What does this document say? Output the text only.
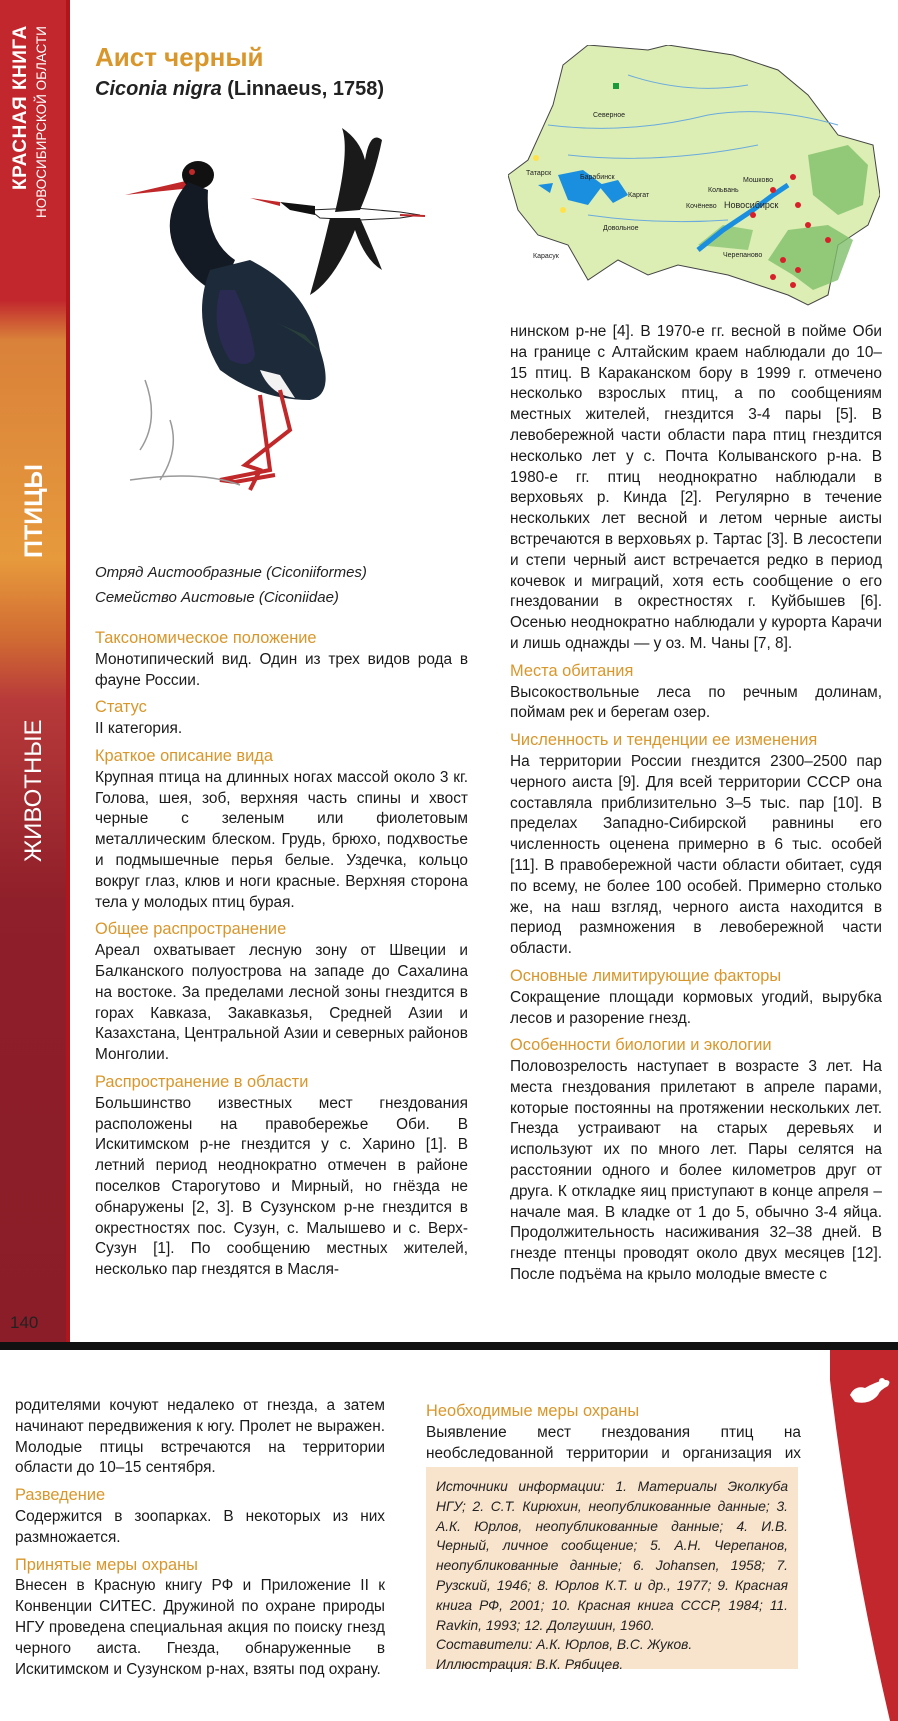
КРАСНАЯ КНИГА НОВОСИБИРСКОЙ ОБЛАСТИ
ПТИЦЫ
ЖИВОТНЫЕ
140
Аист черный
Ciconia nigra (Linnaeus, 1758)
Северное
Татарск
Барабинск
Каргат
Кольвань
Мошково
Кочёнево Новосибирск
Довольное
Карасук	Черепаново
Отряд Аистообразные (Ciconiiformes)
Семейство Аистовые (Ciconiidae)
Таксономическое положение

Монотипический вид. Один из трех видов рода в фауне России.

Статус

II категория.

Краткое описание вида

Крупная птица на длинных ногах массой около 3 кг. Голова, шея, зоб, верхняя часть спины и хвост черные с зеленым или фиолетовым металлическим блеском. Грудь, брюхо, подхвостье и подмышечные перья белые. Уздечка, кольцо вокруг глаз, клюв и ноги красные. Верхняя сторона тела у молодых птиц бурая.

Общее распространение

Ареал охватывает лесную зону от Швеции и Балканского полуострова на западе до Сахалина на востоке. За пределами лесной зоны гнездится в горах Кавказа, Закавказья, Средней Азии и Казахстана, Центральной Азии и северных районов Монголии.

Распространение в области

Большинство известных мест гнездования расположены на правобережье Оби. В Искитимском р-не гнездится у с. Харино [1]. В летний период неоднократно отмечен в районе поселков Старогутово и Мирный, но гнёзда не обнаружены [2, 3]. В Сузунском р-не гнездится в окрестностях пос. Сузун, с. Малышево и с. Верх-Сузун [1]. По сообщению местных жителей, несколько пар гнездятся в Масля-

нинском р-не [4]. В 1970-е гг. весной в пойме Оби на границе с Алтайским краем наблюдали до 10–15 птиц. В Караканском бору в 1999 г. отмечено несколько взрослых птиц, а по сообщениям местных жителей, гнездится 3-4 пары [5]. В левобережной части области пара птиц гнездится несколько лет у с. Почта Колыванского р-на. В 1980-е гг. птиц неоднократно наблюдали в верховьях р. Кинда [2]. Регулярно в течение нескольких лет весной и летом черные аисты встречаются в верховьях р. Тартас [3]. В лесостепи и степи черный аист встречается редко в период кочевок и миграций, хотя есть сообщение о его гнездовании в окрестностях г. Куйбышев [6]. Осенью неоднократно наблюдали у курорта Карачи и лишь однажды — у оз. М. Чаны [7, 8].

Места обитания

Высокоствольные леса по речным долинам, поймам рек и берегам озер.

Численность и тенденции ее изменения

На территории России гнездится 2300–2500 пар черного аиста [9]. Для всей территории СССР она составляла приблизительно 3–5 тыс. пар [10]. В пределах Западно-Сибирской равнины его численность оценена примерно в 6 тыс. особей [11]. В правобережной части области обитает, судя по всему, не более 100 особей. Примерно столько же, на наш взгляд, черного аиста находится в период размножения в левобережной части области.

Основные лимитирующие факторы

Сокращение площади кормовых угодий, вырубка лесов и разорение гнезд.

Особенности биологии и экологии

Половозрелость наступает в возрасте 3 лет. На места гнездования прилетают в апреле парами, которые постоянны на протяжении нескольких лет. Гнезда устраивают на старых деревьях и используют их по много лет. Пары селятся на расстоянии одного и более километров друг от друга. К откладке яиц приступают в конце апреля – начале мая. В кладке от 1 до 5, обычно 3-4 яйца. Продолжительность насиживания 32–38 дней. В гнезде птенцы проводят около двух месяцев [12]. После подъёма на крыло молодые вместе с

родителями кочуют недалеко от гнезда, а затем начинают передвижения к югу. Пролет не выражен. Молодые птицы встречаются на территории области до 10–15 сентября.

Разведение

Содержится в зоопарках. В некоторых из них размножается.

Принятые меры охраны

Внесен в Красную книгу РФ и Приложение II к Конвенции СИТЕС. Дружиной по охране природы НГУ проведена специальная акция по поиску гнезд черного аиста. Гнезда, обнаруженные в Искитимском и Сузунском р-нах, взяты под охрану.

Необходимые меры охраны

Выявление мест гнездования птиц на необследованной территории и организация их

Источники информации: 1. Материалы Эколкуба НГУ; 2. С.Т. Кирюхин, неопубликованные данные; 3. А.К. Юрлов, неопубликованные данные; 4. И.В. Черный, личное сообщение; 5. А.Н. Черепанов, неопубликованные данные; 6. Johansen, 1958; 7. Рузский, 1946; 8. Юрлов К.Т. и др., 1977; 9. Красная книга РФ, 2001; 10. Красная книга СССР, 1984; 11. Ravkin, 1993; 12. Долгушин, 1960.

Составители: А.К. Юрлов, В.С. Жуков.

Иллюстрация: В.К. Рябицев.
